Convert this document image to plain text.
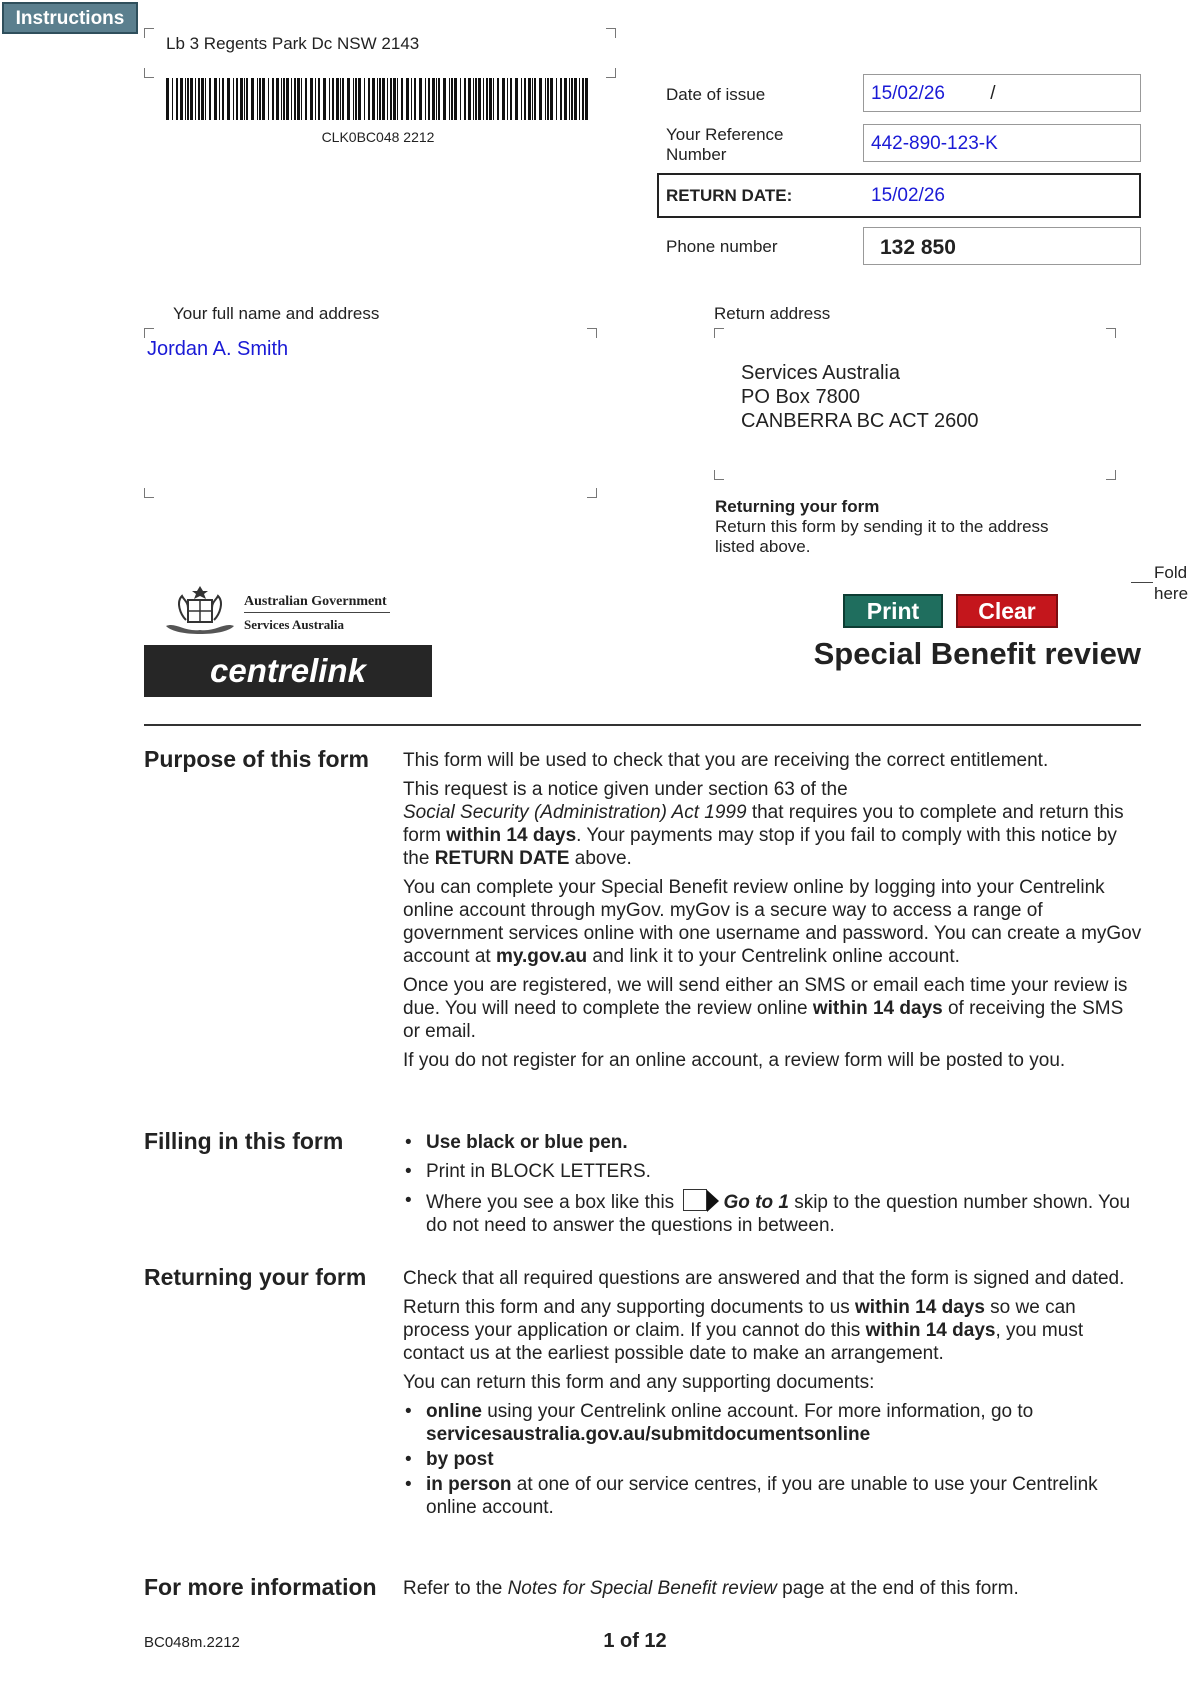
Instructions
Lb 3 Regents Park Dc NSW 2143
CLK0BC048 2212
Date of issue	15/02/26 /
Your Reference
Number
442-890-123-K
RETURN DATE:	15/02/26
Phone number	132 850
Your full name and address
Jordan A. Smith
Return address
Services Australia
PO Box 7800
CANBERRA BC ACT 2600
Returning your form
Return this form by sending it to the address
listed above.
Fold
here
Australian Government
Services Australia
centrelink
Print	Clear
Special Benefit review
Purpose of this form This form will be used to check that you are receiving the correct entitlement.

This request is a notice given under section 63 of the
Social Security (Administration) Act 1999 that requires you to complete and return this form within 14 days. Your payments may stop if you fail to comply with this notice by the RETURN DATE above.

You can complete your Special Benefit review online by logging into your Centrelink online account through myGov. myGov is a secure way to access a range of government services online with one username and password. You can create a myGov account at my.gov.au and link it to your Centrelink online account.

Once you are registered, we will send either an SMS or email each time your review is due. You will need to complete the review online within 14 days of receiving the SMS or email.

If you do not register for an online account, a review form will be posted to you.

Filling in this form
•	Use black or blue pen.
• Print in BLOCK LETTERS.
• Where you see a box like this Go to 1 skip to the question number shown. You do not need to answer the questions in between.
Returning your form Check that all required questions are answered and that the form is signed and dated.

Return this form and any supporting documents to us within 14 days so we can process your application or claim. If you cannot do this within 14 days, you must contact us at the earliest possible date to make an arrangement.

You can return this form and any supporting documents:

• online using your Centrelink online account. For more information, go to
servicesaustralia.gov.au/submitdocumentsonline
• by post
• in person at one of our service centres, if you are unable to use your Centrelink online account.
For more information Refer to the Notes for Special Benefit review page at the end of this form.
BC048m.2212	1 of 12
